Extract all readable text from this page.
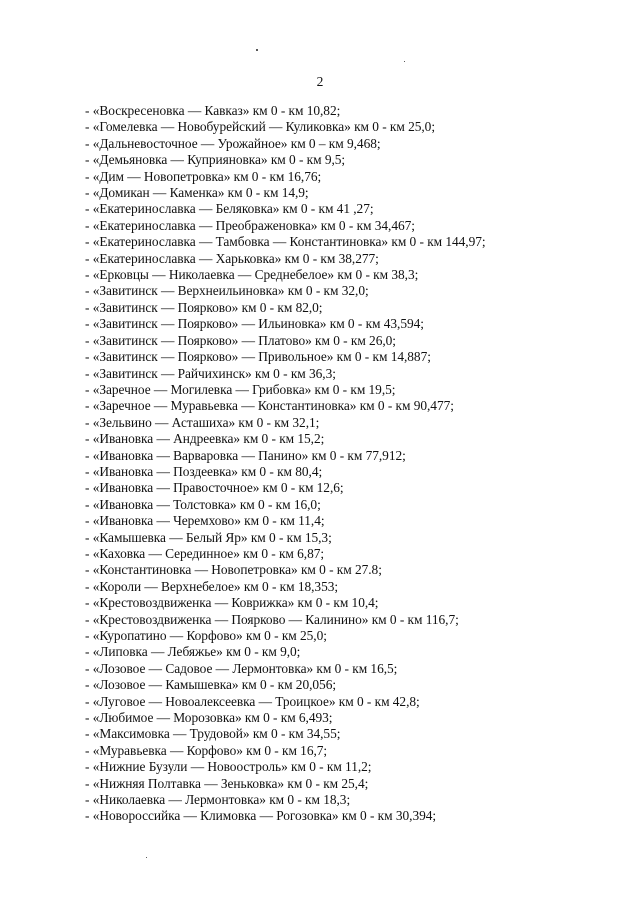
2
- «Воскресеновка — Кавказ» км 0 - км 10,82;
- «Гомелевка — Новобурейский — Куликовка» км 0 - км 25,0;
- «Дальневосточное — Урожайное» км 0 – км 9,468;
- «Демьяновка — Куприяновка» км 0 - км 9,5;
- «Дим — Новопетровка» км 0 - км 16,76;
- «Домикан — Каменка» км 0 - км 14,9;
- «Екатеринославка — Беляковка» км 0 - км 41 ,27;
- «Екатеринославка — Преображеновка» км 0 - км 34,467;
- «Екатеринославка — Тамбовка — Константиновка» км 0 - км 144,97;
- «Екатеринославка — Харьковка» км 0 - км 38,277;
- «Ерковцы — Николаевка — Среднебелое» км 0 - км 38,3;
- «Завитинск — Верхнеильиновка» км 0 - км 32,0;
- «Завитинск — Поярково» км 0 - км 82,0;
- «Завитинск — Поярково» — Ильиновка» км 0 - км 43,594;
- «Завитинск — Поярково» — Платово» км 0 - км 26,0;
- «Завитинск — Поярково» — Привольное» км 0 - км 14,887;
- «Завитинск — Райчихинск» км 0 - км 36,3;
- «Заречное — Могилевка — Грибовка» км 0 - км 19,5;
- «Заречное — Муравьевка — Константиновка» км 0 - км 90,477;
- «Зельвино — Асташиха» км 0 - км 32,1;
- «Ивановка — Андреевка» км 0 - км 15,2;
- «Ивановка — Варваровка — Панино» км 0 - км 77,912;
- «Ивановка — Поздеевка» км 0 - км 80,4;
- «Ивановка — Правосточное» км 0 - км 12,6;
- «Ивановка — Толстовка» км 0 - км 16,0;
- «Ивановка — Черемхово» км 0 - км 11,4;
- «Камышевка — Белый Яр» км 0 - км 15,3;
- «Каховка — Серединное» км 0 - км 6,87;
- «Константиновка — Новопетровка» км 0 - км 27.8;
- «Короли — Верхнебелое» км 0 - км 18,353;
- «Крестовоздвиженка — Коврижка» км 0 - км 10,4;
- «Крестовоздвиженка — Поярково — Калинино» км 0 - км 116,7;
- «Куропатино — Корфово» км 0 - км 25,0;
- «Липовка — Лебяжье» км 0 - км 9,0;
- «Лозовое — Садовое — Лермонтовка» км 0 - км 16,5;
- «Лозовое — Камышевка» км 0 - км 20,056;
- «Луговое — Новоалексеевка — Троицкое» км 0 - км 42,8;
- «Любимое — Морозовка» км 0 - км 6,493;
- «Максимовка — Трудовой» км 0 - км 34,55;
- «Муравьевка — Корфово» км 0 - км 16,7;
- «Нижние Бузули — Новоостроль» км 0 - км 11,2;
- «Нижняя Полтавка — Зеньковка» км 0 - км 25,4;
- «Николаевка — Лермонтовка» км 0 - км 18,3;
- «Новороссийка — Климовка — Рогозовка» км 0 - км 30,394;
